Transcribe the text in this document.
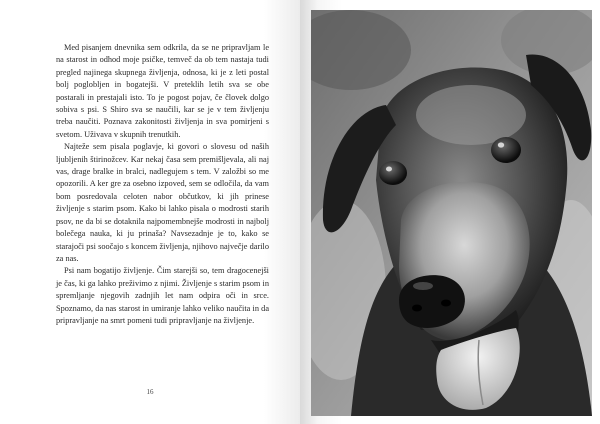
Med pisanjem dnevnika sem odkrila, da se ne pripravljam le na starost in odhod moje psičke, temveč da ob tem nastaja tudi pregled najinega skupnega življenja, odnosa, ki je z leti postal bolj poglobljen in bogatejši. V preteklih letih sva se obe postarali in prestajali isto. To je pogost pojav, če človek dolgo sobiva s psi. S Shiro sva se naučili, kar se je v tem življenju treba naučiti. Poznava zakonitosti življenja in sva pomirjeni s svetom. Uživava v skupnih trenutkih.

Najteže sem pisala poglavje, ki govori o slovesu od naših ljubljenih štirinožcev. Kar nekaj časa sem premišljevala, ali naj vas, drage bralke in bralci, nadlegujem s tem. V založbi so me opozorili. A ker gre za osebno izpoved, sem se odločila, da vam bom posredovala celoten nabor občutkov, ki jih prinese življenje s starim psom. Kako bi lahko pisala o modrosti starih psov, ne da bi se dotaknila najpomembnejše modrosti in najbolj bolečega nauka, ki ju prinaša? Navsezadnje je to, kako se starajoči psi soočajo s koncem življenja, njihovo največje darilo za nas.

Psi nam bogatijo življenje. Čim starejši so, tem dragocenejši je čas, ki ga lahko preživimo z njimi. Življenje s starim psom in spremljanje njegovih zadnjih let nam odpira oči in srce. Spoznamo, da nas starost in umiranje lahko veliko naučita in da pripravljanje na smrt pomeni tudi pripravljanje na življenje.

16
